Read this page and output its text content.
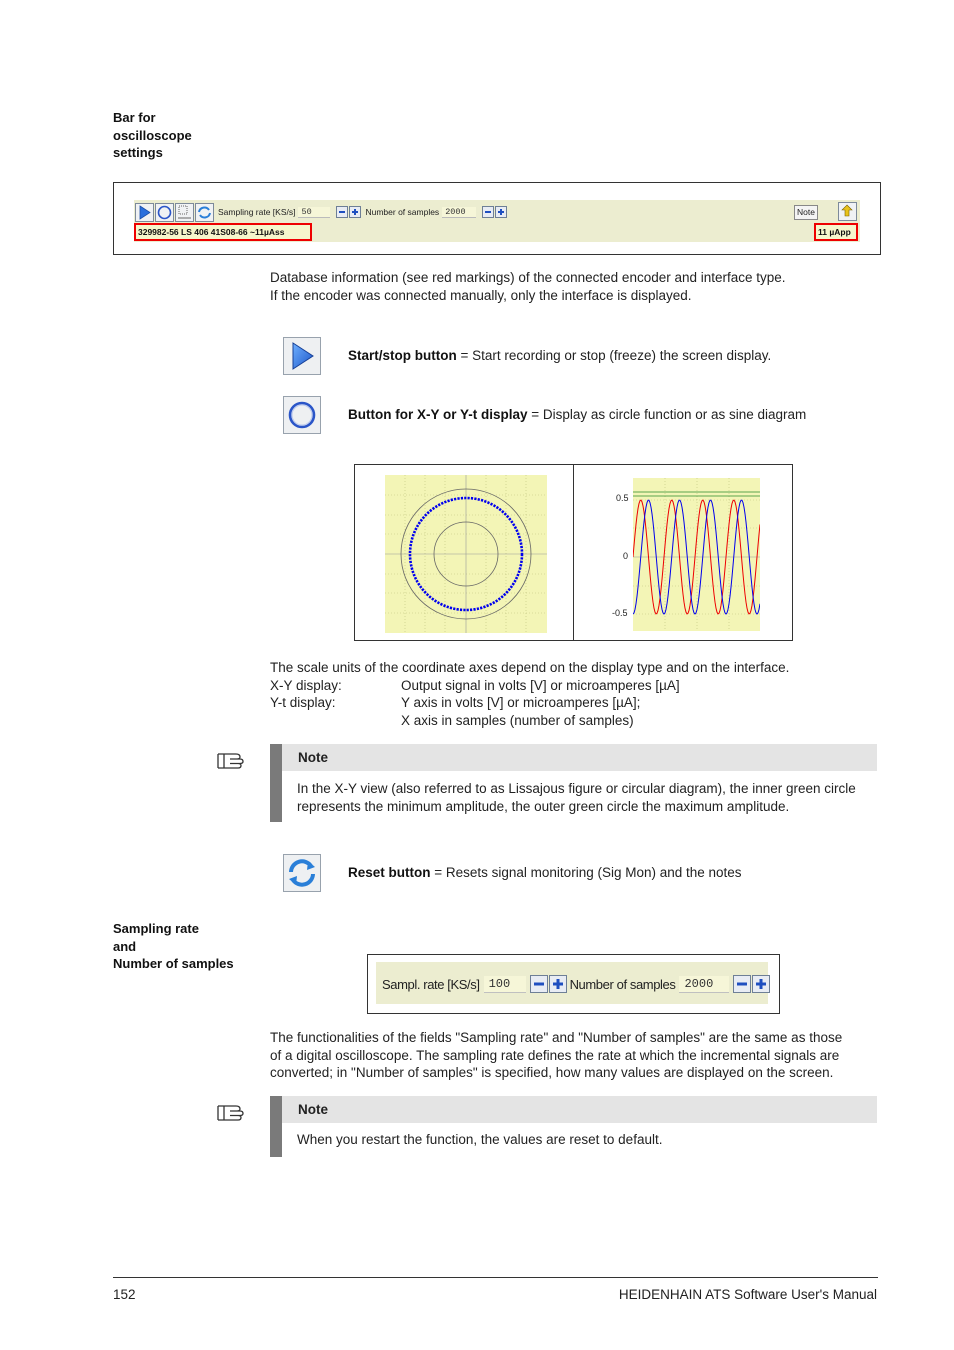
Bar for
oscilloscope
settings
Sampling rate [KS/s] 50	Number of samples 2000	Note
329982-56 LS 406 41S08-66 ~11µAss	11 µApp
Database information (see red markings) of the connected encoder and interface type.
If the encoder was connected manually, only the interface is displayed.
Start/stop button = Start recording or stop (freeze) the screen display.
Button for X-Y or Y-t display = Display as circle function or as sine diagram
0.5
0
-0.5
The scale units of the coordinate axes depend on the display type and on the interface.
X-Y display:	Output signal in volts [V] or microamperes [µA]
Y-t display:	Y axis in volts [V] or microamperes [µA];
X axis in samples (number of samples)
Note
In the X-Y view (also referred to as Lissajous figure or circular diagram), the inner green circle
represents the minimum amplitude, the outer green circle the maximum amplitude.
Reset button = Resets signal monitoring (Sig Mon) and the notes
Sampling rate
and
Number of samples
Sampl. rate [KS/s] 100	Number of samples 2000
The functionalities of the fields "Sampling rate" and "Number of samples" are the same as those
of a digital oscilloscope. The sampling rate defines the rate at which the incremental signals are
converted; in "Number of samples" is specified, how many values are displayed on the screen.
Note
When you restart the function, the values are reset to default.
152	HEIDENHAIN ATS Software User's Manual
